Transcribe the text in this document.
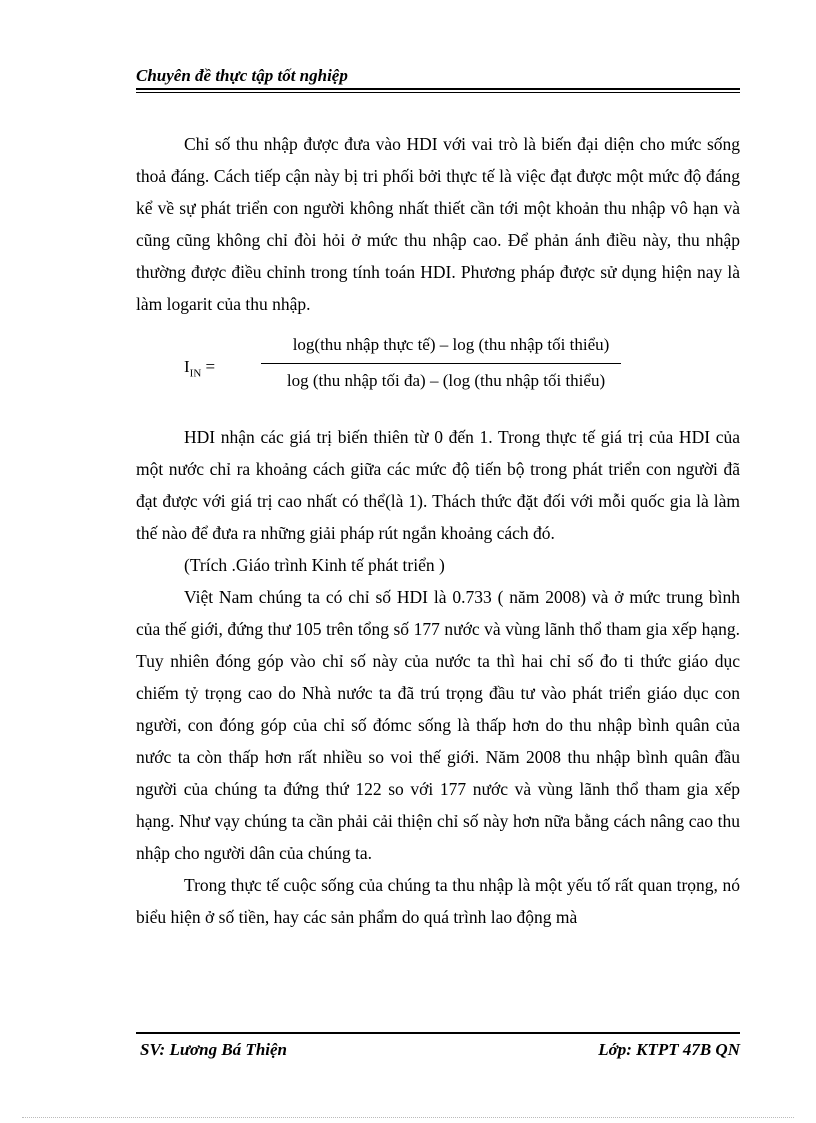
Chuyên đề thực tập tốt nghiệp

Chỉ số thu nhập được đưa vào HDI với vai trò là biến đại diện cho mức sống thoả đáng. Cách tiếp cận này bị tri phối bởi thực tế là việc đạt được một mức độ đáng kể về sự phát triển con người không nhất thiết cần tới một khoản thu nhập vô hạn và cũng cũng không chỉ đòi hỏi ở mức thu nhập cao. Để phản ánh điều này, thu nhập thường được điều chỉnh trong tính toán HDI. Phương pháp được sử dụng hiện nay là làm logarit của thu nhập.

$I_{IN}$ =
log(thu nhập thực tế) – log (thu nhập tối thiểu)
log (thu nhập tối đa) – (log (thu nhập tối thiểu)

HDI nhận các giá trị biến thiên từ 0 đến 1. Trong thực tế giá trị của HDI của một nước chỉ ra khoảng cách giữa các mức độ tiến bộ trong phát triển con người đã đạt được với giá trị cao nhất có thể(là 1). Thách thức đặt đối với mỗi quốc gia là làm thế nào để đưa ra những giải pháp rút ngắn khoảng cách đó.

(Trích .Giáo trình Kinh tế phát triển )

Việt Nam chúng ta có chỉ số HDI là 0.733 ( năm 2008) và ở mức trung bình của thế giới, đứng thư 105 trên tổng số 177 nước và vùng lãnh thổ tham gia xếp hạng. Tuy nhiên đóng góp vào chỉ số này của nước ta thì hai chỉ số đo ti thức giáo dục chiếm tỷ trọng cao do Nhà nước ta đã trú trọng đầu tư vào phát triển giáo dục con người, con đóng góp của chỉ số đómc sống là thấp hơn do thu nhập bình quân của nước ta còn thấp hơn rất nhiều so voi thế giới. Năm 2008 thu nhập bình quân đầu người của chúng ta đứng thứ 122 so với 177 nước và vùng lãnh thổ tham gia xếp hạng. Như vạy chúng ta cần phải cải thiện chỉ số này hơn nữa bằng cách nâng cao thu nhập cho người dân của chúng ta.

Trong thực tế cuộc sống của chúng ta thu nhập là một yếu tố rất quan trọng, nó biểu hiện ở số tiền, hay các sản phẩm do quá trình lao động mà

SV: Lương Bá Thiện	Lớp: KTPT 47B QN
